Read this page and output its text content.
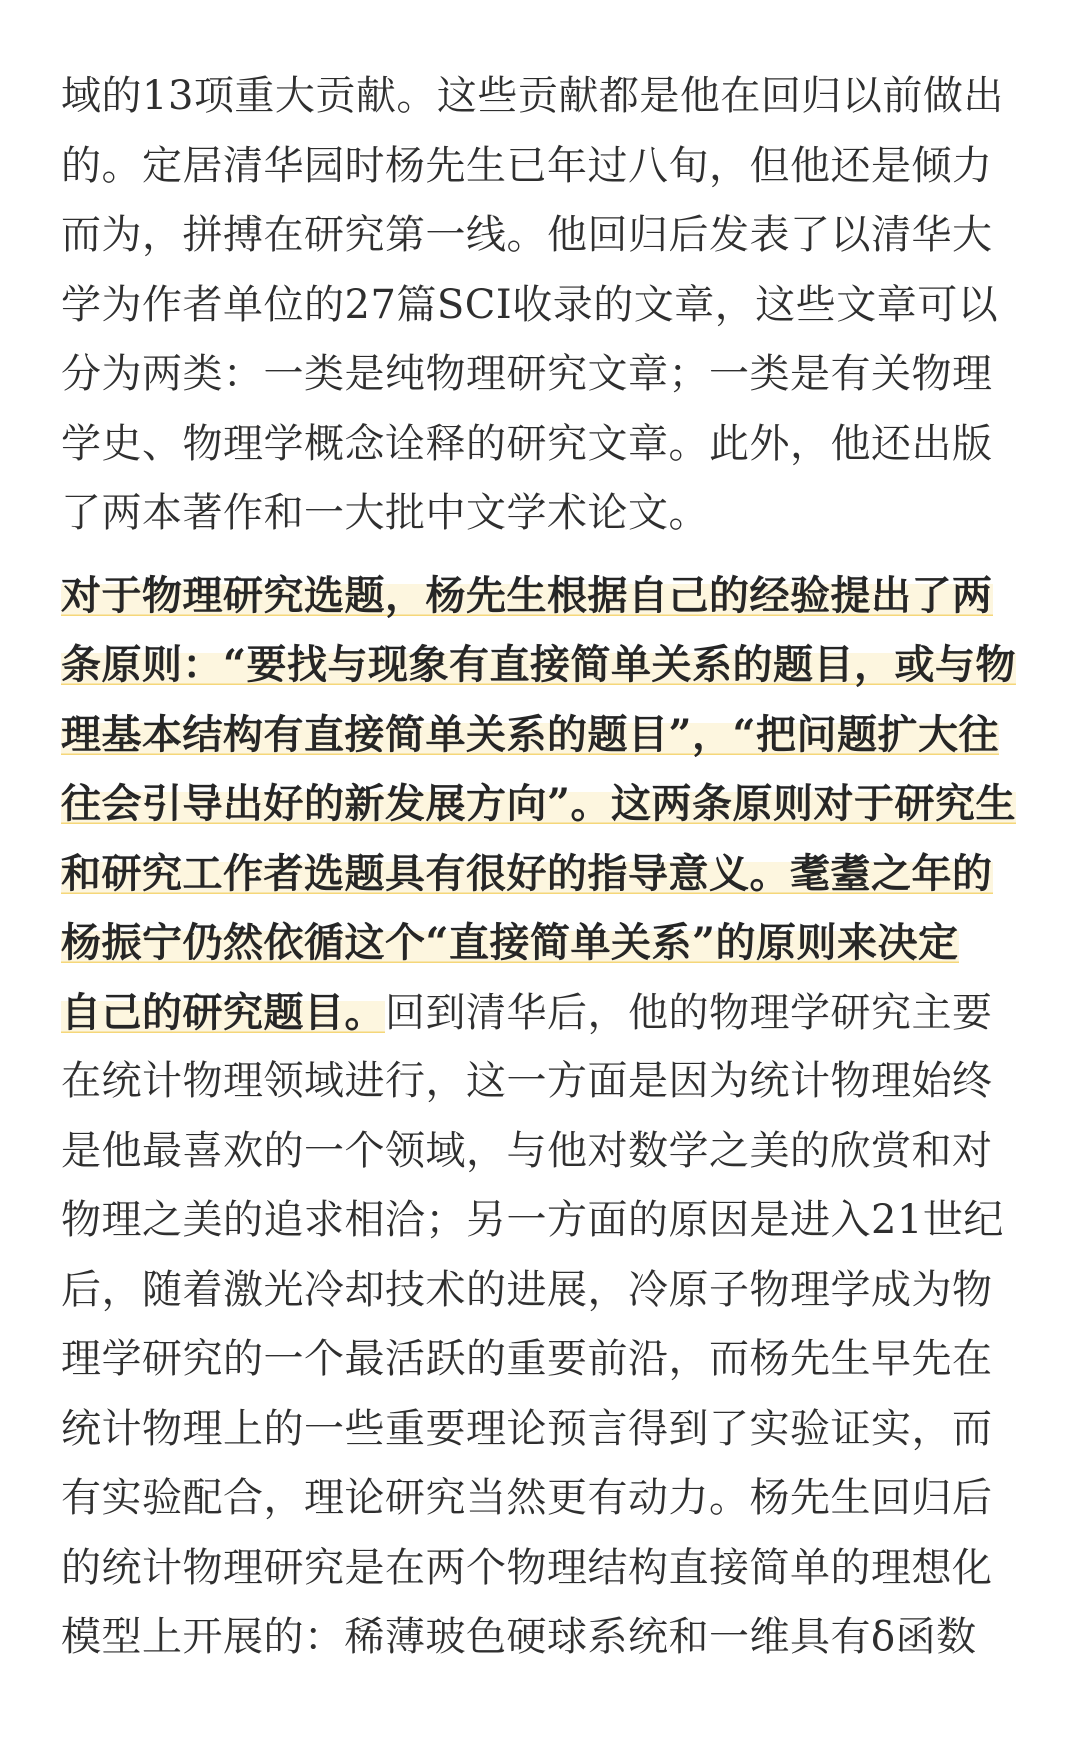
域的13项重大贡献。这些贡献都是他在回归以前做出
的。定居清华园时杨先生已年过八旬，但他还是倾力
而为，拼搏在研究第一线。他回归后发表了以清华大
学为作者单位的27篇SCI收录的文章，这些文章可以
分为两类：一类是纯物理研究文章；一类是有关物理
学史、物理学概念诠释的研究文章。此外，他还出版
了两本著作和一大批中文学术论文。
对于物理研究选题，杨先生根据自己的经验提出了两
条原则：“要找与现象有直接简单关系的题目，或与物
理基本结构有直接简单关系的题目”，“把问题扩大往
往会引导出好的新发展方向”。这两条原则对于研究生
和研究工作者选题具有很好的指导意义。耄耋之年的
杨振宁仍然依循这个“直接简单关系”的原则来决定
自己的研究题目。回到清华后，他的物理学研究主要
在统计物理领域进行，这一方面是因为统计物理始终
是他最喜欢的一个领域，与他对数学之美的欣赏和对
物理之美的追求相洽；另一方面的原因是进入21世纪
后，随着激光冷却技术的进展，冷原子物理学成为物
理学研究的一个最活跃的重要前沿，而杨先生早先在
统计物理上的一些重要理论预言得到了实验证实，而
有实验配合，理论研究当然更有动力。杨先生回归后
的统计物理研究是在两个物理结构直接简单的理想化
模型上开展的：稀薄玻色硬球系统和一维具有δ函数
